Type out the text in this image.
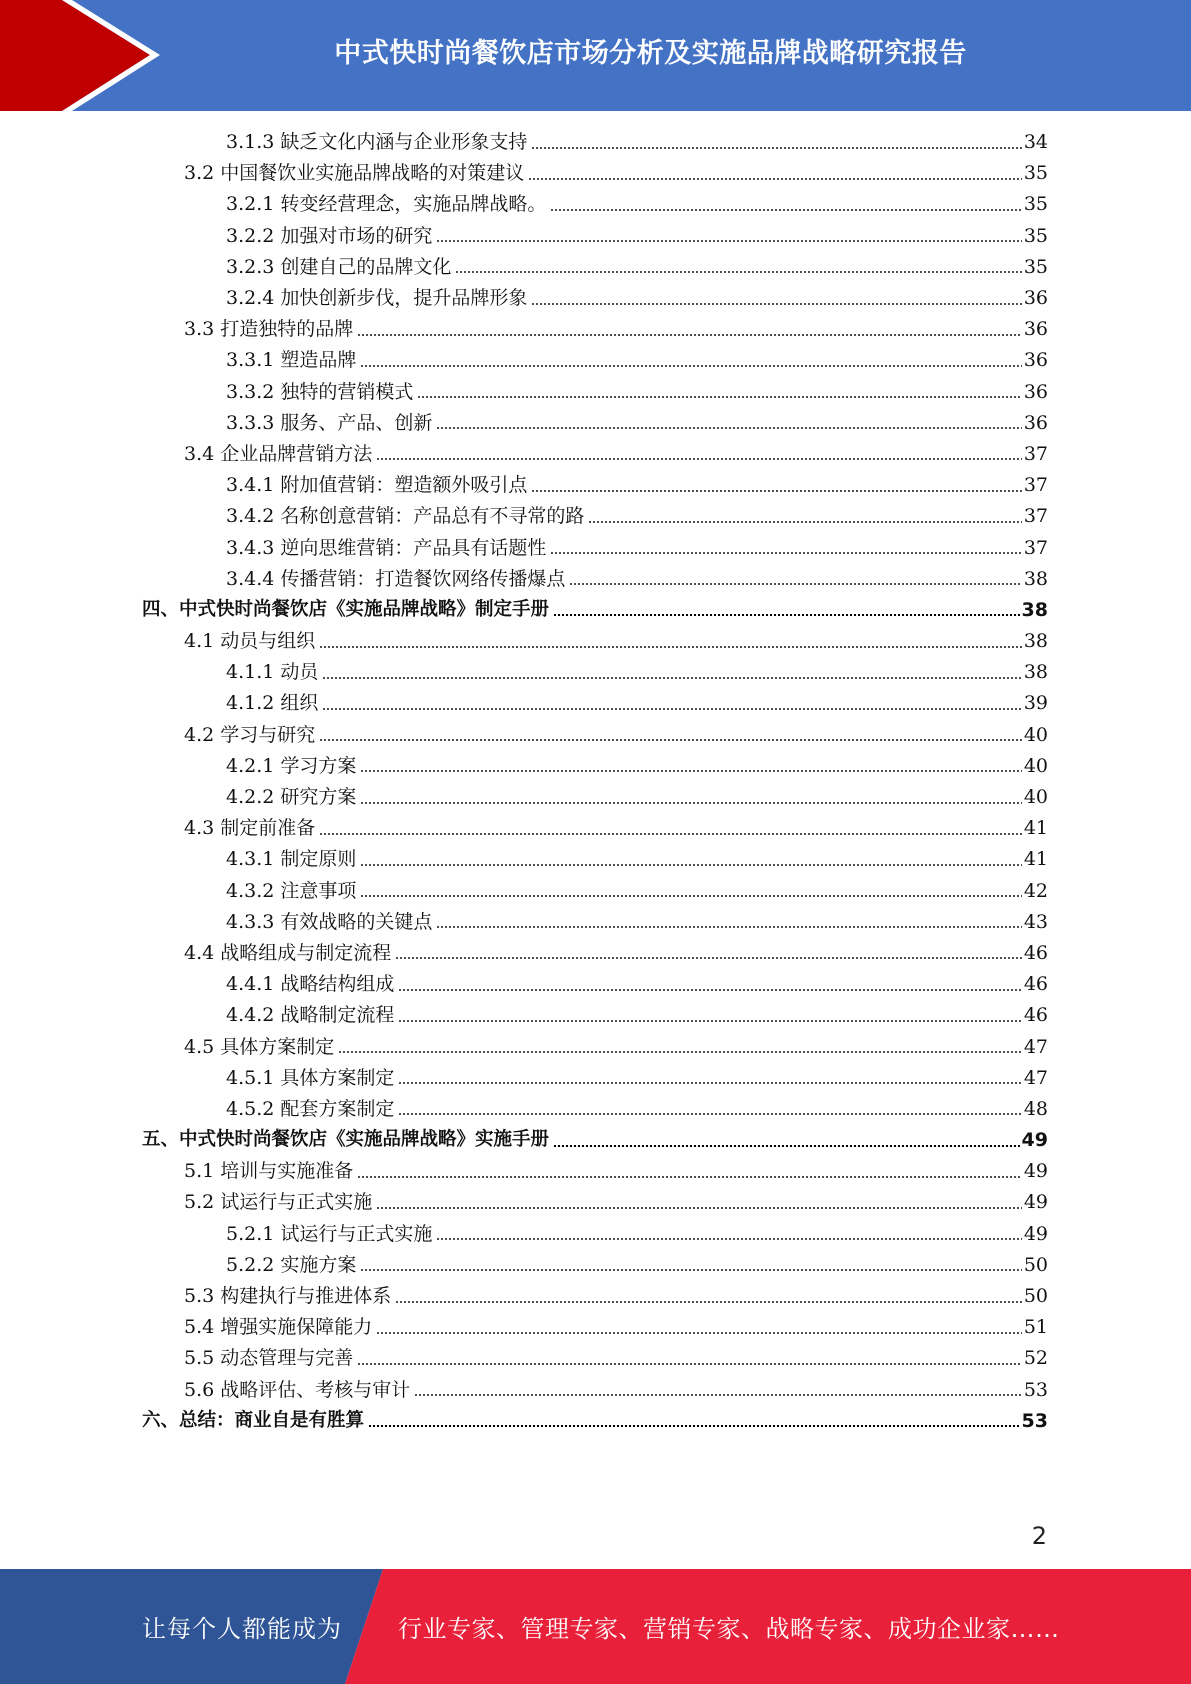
中式快时尚餐饮店市场分析及实施品牌战略研究报告
3.1.3 缺乏文化内涵与企业形象支持	34
3.2 中国餐饮业实施品牌战略的对策建议	35
3.2.1 转变经营理念，实施品牌战略。	35
3.2.2 加强对市场的研究	35
3.2.3 创建自己的品牌文化	35
3.2.4 加快创新步伐，提升品牌形象	36
3.3 打造独特的品牌	36
3.3.1 塑造品牌	36
3.3.2 独特的营销模式	36
3.3.3 服务、产品、创新	36
3.4 企业品牌营销方法	37
3.4.1 附加值营销：塑造额外吸引点	37
3.4.2 名称创意营销：产品总有不寻常的路	37
3.4.3 逆向思维营销：产品具有话题性	37
3.4.4 传播营销：打造餐饮网络传播爆点	38
四、中式快时尚餐饮店《实施品牌战略》制定手册	38
4.1 动员与组织	38
4.1.1 动员	38
4.1.2 组织	39
4.2 学习与研究	40
4.2.1 学习方案	40
4.2.2 研究方案	40
4.3 制定前准备	41
4.3.1 制定原则	41
4.3.2 注意事项	42
4.3.3 有效战略的关键点	43
4.4 战略组成与制定流程	46
4.4.1 战略结构组成	46
4.4.2 战略制定流程	46
4.5 具体方案制定	47
4.5.1 具体方案制定	47
4.5.2 配套方案制定	48
五、中式快时尚餐饮店《实施品牌战略》实施手册	49
5.1 培训与实施准备	49
5.2 试运行与正式实施	49
5.2.1 试运行与正式实施	49
5.2.2 实施方案	50
5.3 构建执行与推进体系	50
5.4 增强实施保障能力	51
5.5 动态管理与完善	52
5.6 战略评估、考核与审计	53
六、总结：商业自是有胜算	53
2
让每个人都能成为 行业专家、管理专家、营销专家、战略专家、成功企业家……
